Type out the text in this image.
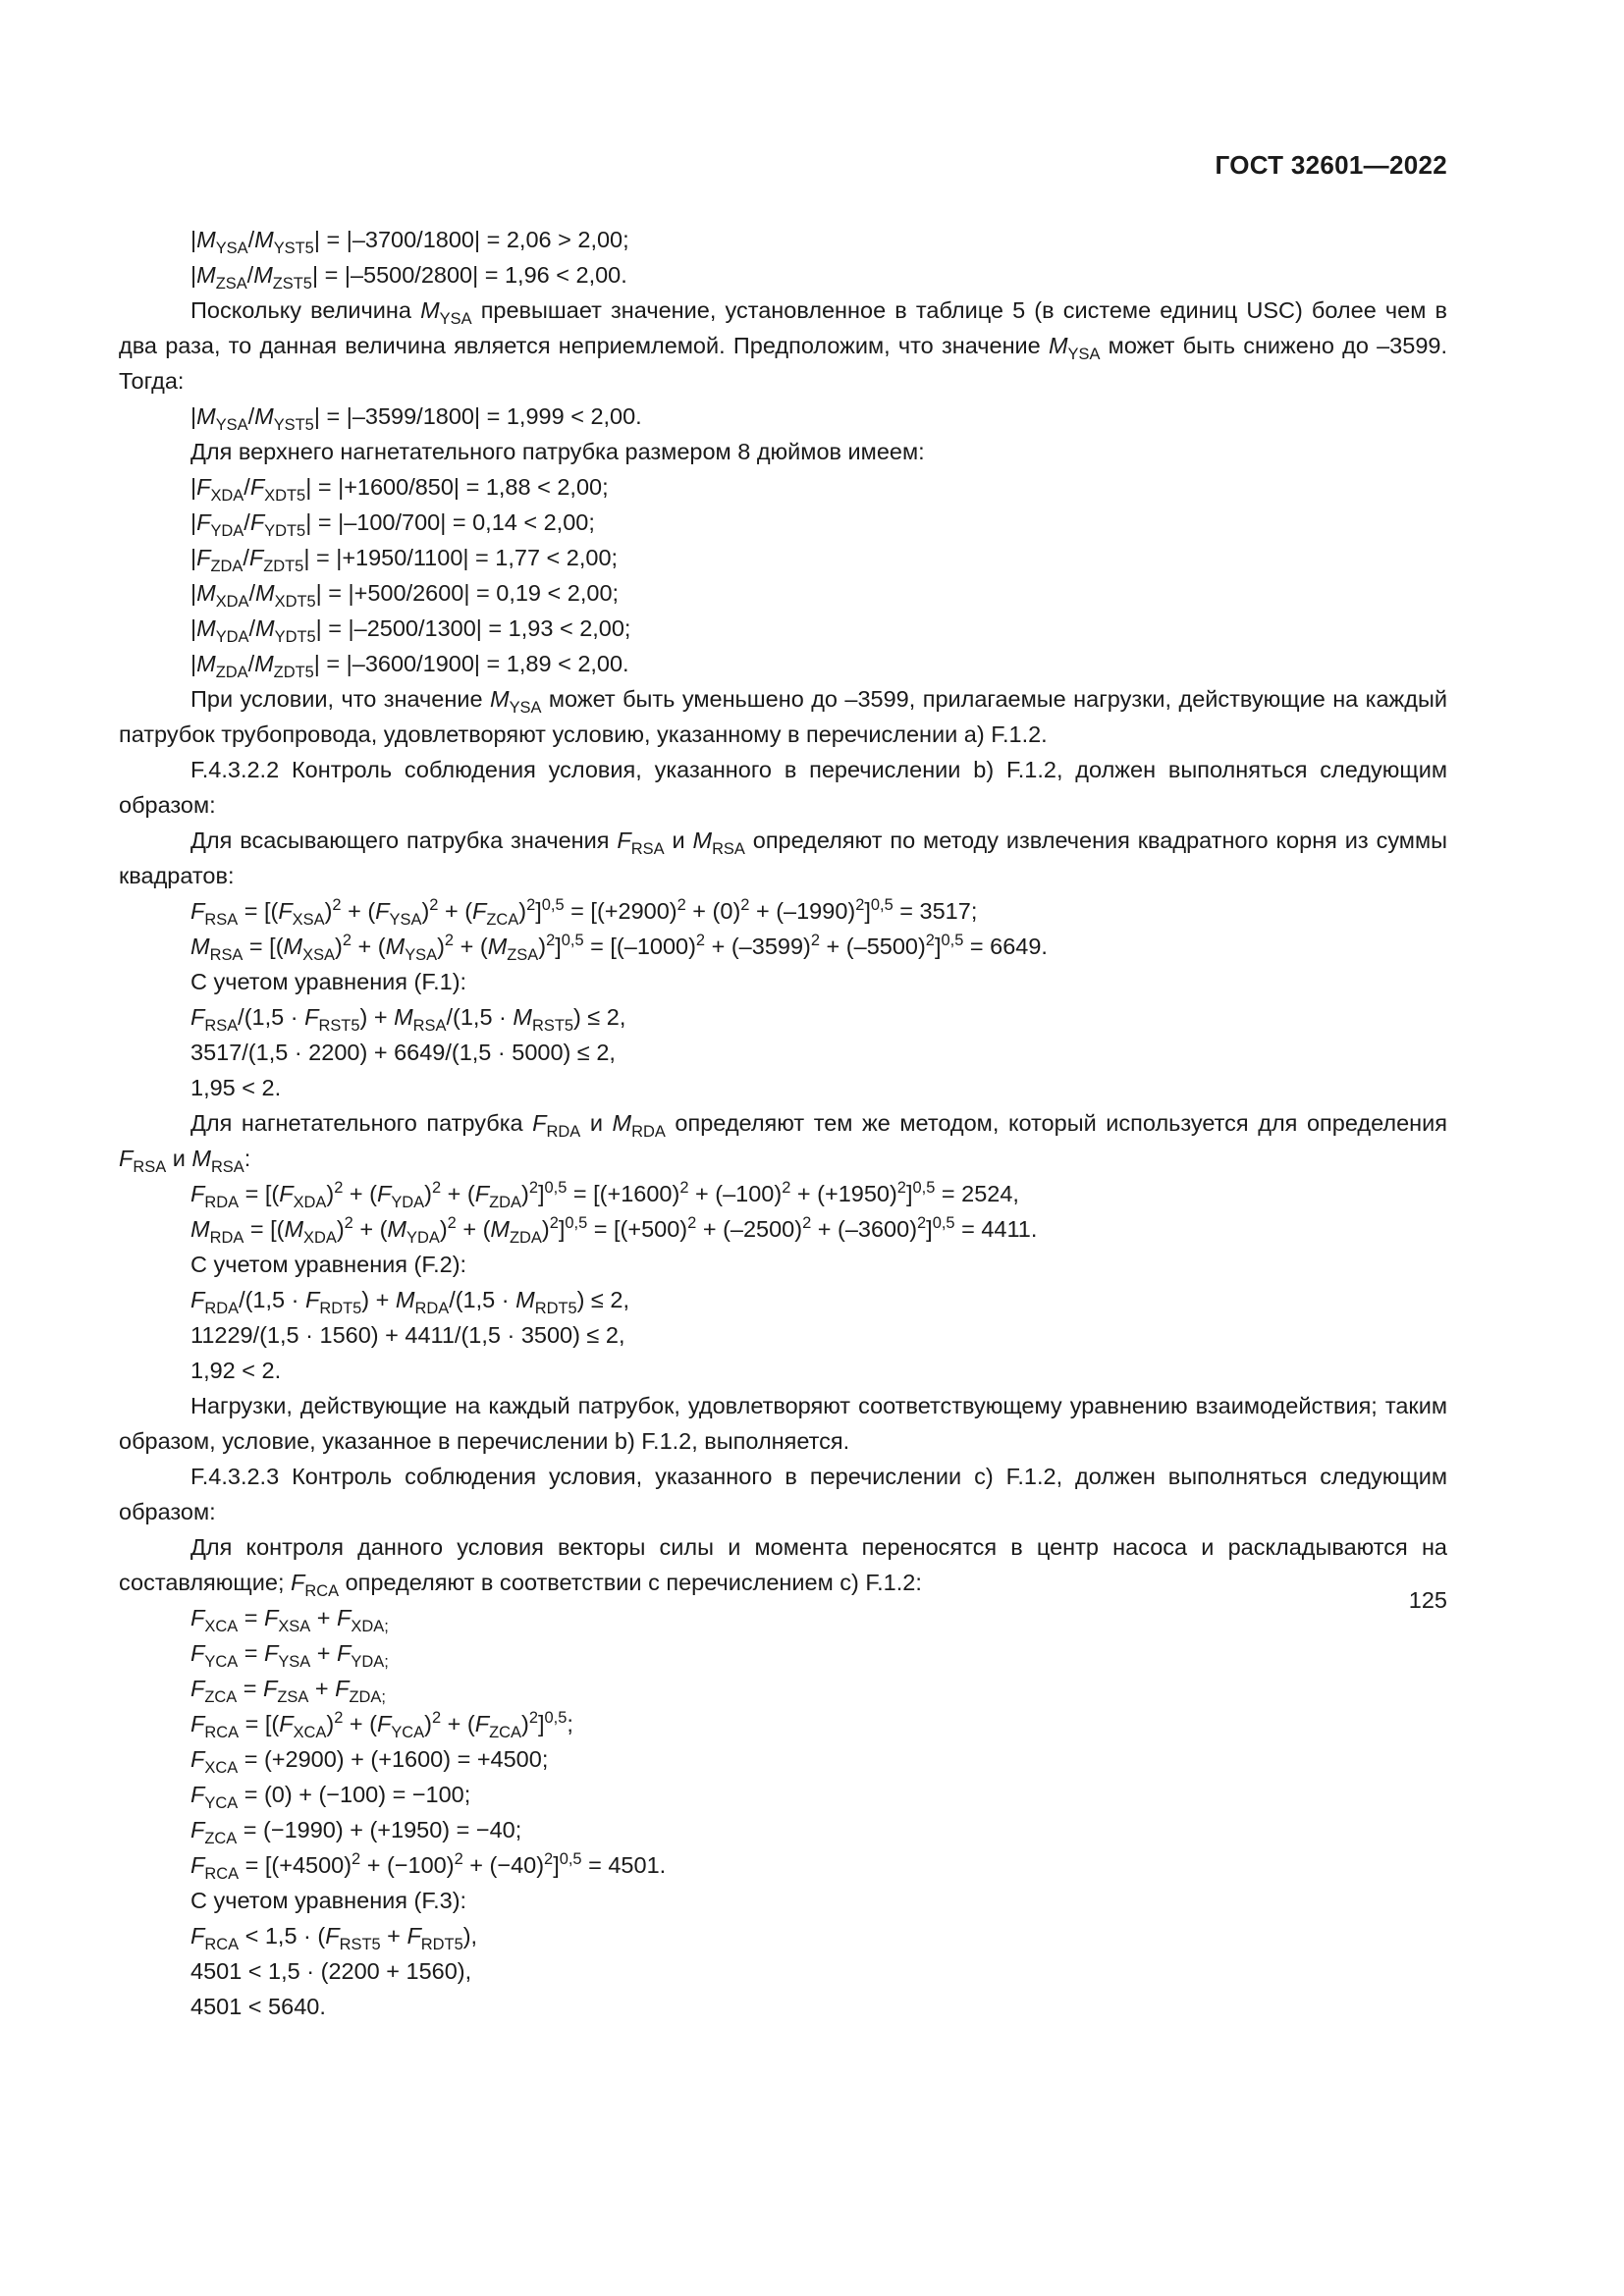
ГОСТ 32601—2022

$|M_{YSA}/M_{YST5}| = |-3700/1800| = 2,06 > 2,00$;

$|M_{ZSA}/M_{ZST5}| = |-5500/2800| = 1,96 < 2,00$.

Поскольку величина $M_{YSA}$ превышает значение, установленное в таблице 5 (в системе единиц USC) более чем в два раза, то данная величина является неприемлемой. Предположим, что значение $M_{YSA}$ может быть снижено до –3599. Тогда:

$|M_{YSA}/M_{YST5}| = |-3599/1800| = 1,999 < 2,00$.

Для верхнего нагнетательного патрубка размером 8 дюймов имеем:

$|F_{XDA}/F_{XDT5}| = |+1600/850| = 1,88 < 2,00$;

$|F_{YDA}/F_{YDT5}| = |-100/700| = 0,14 < 2,00$;

$|F_{ZDA}/F_{ZDT5}| = |+1950/1100| = 1,77 < 2,00$;

$|M_{XDA}/M_{XDT5}| = |+500/2600| = 0,19 < 2,00$;

$|M_{YDA}/M_{YDT5}| = |-2500/1300| = 1,93 < 2,00$;

$|M_{ZDA}/M_{ZDT5}| = |-3600/1900| = 1,89 < 2,00$.

При условии, что значение $M_{YSA}$ может быть уменьшено до –3599, прилагаемые нагрузки, действующие на каждый патрубок трубопровода, удовлетворяют условию, указанному в перечислении а) F.1.2.

F.4.3.2.2 Контроль соблюдения условия, указанного в перечислении b) F.1.2, должен выполняться следующим образом:

Для всасывающего патрубка значения $F_{RSA}$ и $M_{RSA}$ определяют по методу извлечения квадратного корня из суммы квадратов:

$F_{RSA} = [(F_{XSA})^2 + (F_{YSA})^2 + (F_{ZCA})^2]^{0,5} = [(+2900)^2 + (0)^2 + (-1990)^2]^{0,5} = 3517$;

$M_{RSA} = [(M_{XSA})^2 + (M_{YSA})^2 + (M_{ZSA})^2]^{0,5} = [(-1000)^2 + (-3599)^2 + (-5500)^2]^{0,5} = 6649$.

С учетом уравнения (F.1):

$F_{RSA}/(1,5 \cdot F_{RST5}) + M_{RSA}/(1,5 \cdot M_{RST5}) \le 2$,

3517/(1,5 · 2200) + 6649/(1,5 · 5000) ≤ 2,

1,95 < 2.

Для нагнетательного патрубка $F_{RDA}$ и $M_{RDA}$ определяют тем же методом, который используется для определения $F_{RSA}$ и $M_{RSA}$:

$F_{RDA} = [(F_{XDA})^2 + (F_{YDA})^2 + (F_{ZDA})^2]^{0,5} = [(+1600)^2 + (-100)^2 + (+1950)^2]^{0,5} = 2524$,

$M_{RDA} = [(M_{XDA})^2 + (M_{YDA})^2 + (M_{ZDA})^2]^{0,5} = [(+500)^2 + (-2500)^2 + (-3600)^2]^{0,5} = 4411$.

С учетом уравнения (F.2):

$F_{RDA}/(1,5 \cdot F_{RDT5}) + M_{RDA}/(1,5 \cdot M_{RDT5}) \le 2$,

11229/(1,5 · 1560) + 4411/(1,5 · 3500) ≤ 2,

1,92 < 2.

Нагрузки, действующие на каждый патрубок, удовлетворяют соответствующему уравнению взаимодействия; таким образом, условие, указанное в перечислении b) F.1.2, выполняется.

F.4.3.2.3 Контроль соблюдения условия, указанного в перечислении с) F.1.2, должен выполняться следующим образом:

Для контроля данного условия векторы силы и момента переносятся в центр насоса и раскладываются на составляющие; $F_{RCA}$ определяют в соответствии с перечислением с) F.1.2:

$F_{XCA} = F_{XSA} + F_{XDA;}$

$F_{YCA} = F_{YSA} + F_{YDA;}$

$F_{ZCA} = F_{ZSA} + F_{ZDA;}$

$F_{RCA} = [(F_{XCA})^2 + (F_{YCA})^2 + (F_{ZCA})^2]^{0,5}$;

$F_{XCA} = (+2900) + (+1600) = +4500$;

$F_{YCA} = (0) + (-100) = -100$;

$F_{ZCA} = (-1990) + (+1950) = -40$;

$F_{RCA} = [(+4500)^2 + (-100)^2 + (-40)^2]^{0,5} = 4501$.

С учетом уравнения (F.3):

$F_{RCA} < 1,5 \cdot (F_{RST5} + F_{RDT5})$,

4501 < 1,5 · (2200 + 1560),

4501 < 5640.

125
